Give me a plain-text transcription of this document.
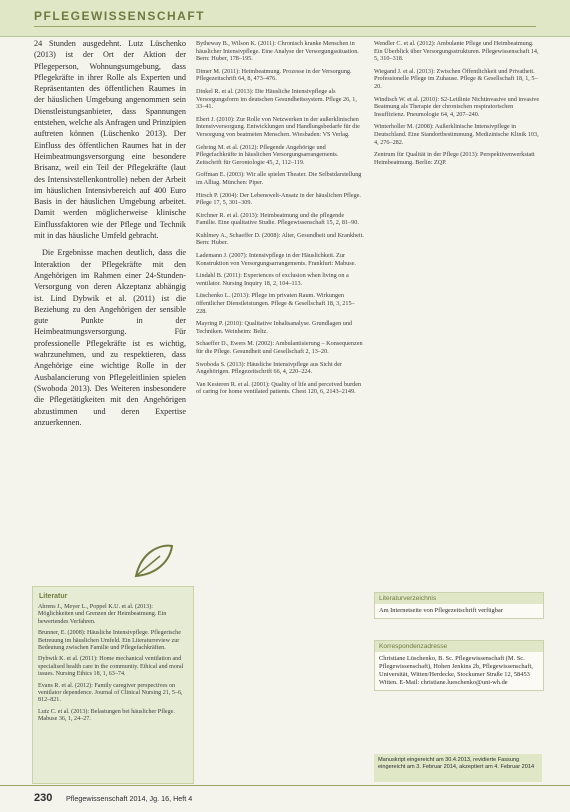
PFLEGEWISSENSCHAFT

24 Stunden ausgedehnt. Lutz Lüschenko (2013) ist der Ort der Aktion der Pflegeperson, Wohnungsumgebung, dass Pflegekräfte in ihrer Rolle als Experten und Repräsentanten des öffentlichen Raumes in der häuslichen Umgebung angenommen sein Dienstleistungsanbieter, dass Spannungen entstehen, welche als Anfragen und Prinzipien auftreten können (Lüschenko 2013). Der Einfluss des öffentlichen Raumes hat in der Heimbeatmungsversorgung eine besondere Brisanz, weil ein Teil der Pflegekräfte (laut des Intensivstellenkontrolle) neben der Arbeit im häuslichen Intensivbereich auf 400 Euro Basis in der häuslichen Umgebung arbeitet. Damit werden möglicherweise klinische Einflussfaktoren wie der Pflege und Technik mit in das häusliche Umfeld gebracht.

Die Ergebnisse machen deutlich, dass die Interaktion der Pflegekräfte mit den Angehörigen im Rahmen einer 24-Stunden-Versorgung von deren Akzeptanz abhängig ist. Lind Dybwik et al. (2011) ist die Beziehung zu den Angehörigen der sensible gute Punkte in der Heimbeatmungsversorgung. Für professionelle Pflegekräfte ist es wichtig, wahrzunehmen, und zu respektieren, dass Angehörige eine wichtige Rolle in der Ausbalancierung von Pflegeleitlinien spielen (Swoboda 2013). Des Weiteren insbesondere die Pflegetätigkeiten mit den Angehörigen abzustimmen und deren Expertise anzuerkennen.

Literatur
Ahrens J., Meyer L., Poppel K.U. et al. (2013): Möglichkeiten und Grenzen der Heimbeatmung. Ein bewertendes Verfahren.
Brunner, E. (2008): Häusliche Intensivpflege. Pflegerische Betreuung im häuslichen Umfeld. Ein Literaturreview zur Bedeutung zwischen Familie und Pflegefachkräften.
Dybwik K. et al. (2011): Home mechanical ventilation and specialised health care in the community. Ethical and moral issues. Nursing Ethics 18, 1, 63–74.
Evans R. et al. (2012): Family caregiver perspectives on ventilator dependence. Journal of Clinical Nursing 21, 5–6, 812–821.
Lutz C. et al. (2013): Belastungen bei häuslicher Pflege. Mabuse 36, 1, 24–27.
Bytheway B., Wilson K. (2011): Chronisch kranke Menschen in häuslicher Intensivpflege. Eine Analyse der Versorgungssituation. Bern: Huber, 178–195.
Dimer M. (2011): Heimbeatmung. Prozesse in der Versorgung. Pflegezeitschrift 64, 8, 473–476.
Dinkel R. et al. (2013): Die Häusliche Intensivpflege als Versorgungsform im deutschen Gesundheitssystem. Pflege 26, 1, 33–41.
Ebert J. (2010): Zur Rolle von Netzwerken in der außerklinischen Intensivversorgung. Entwicklungen und Handlungsbedarfe für die Versorgung von beatmeten Menschen. Wiesbaden: VS Verlag.
Gehring M. et al. (2012): Pflegende Angehörige und Pflegefachkräfte in häuslichen Versorgungsarrangements. Zeitschrift für Gerontologie 45, 2, 112–119.
Goffman E. (2003): Wir alle spielen Theater. Die Selbstdarstellung im Alltag. München: Piper.
Hirsch P. (2004): Der Lebenswelt-Ansatz in der häuslichen Pflege. Pflege 17, 5, 301–309.
Kirchner R. et al. (2013): Heimbeatmung und die pflegende Familie. Eine qualitative Studie. Pflegewissenschaft 15, 2, 81–90.
Kuhlmey A., Schaeffer D. (2008): Alter, Gesundheit und Krankheit. Bern: Huber.
Lademann J. (2007): Intensivpflege in der Häuslichkeit. Zur Konstruktion von Versorgungsarrangements. Frankfurt: Mabuse.
Lindahl B. (2011): Experiences of exclusion when living on a ventilator. Nursing Inquiry 18, 2, 104–113.
Lüschenko L. (2013): Pflege im privaten Raum. Wirkungen öffentlicher Dienstleistungen. Pflege & Gesellschaft 18, 3, 215–228.
Mayring P. (2010): Qualitative Inhaltsanalyse. Grundlagen und Techniken. Weinheim: Beltz.
Schaeffer D., Ewers M. (2002): Ambulantisierung – Konsequenzen für die Pflege. Gesundheit und Gesellschaft 2, 13–20.
Swoboda S. (2013): Häusliche Intensivpflege aus Sicht der Angehörigen. Pflegezeitschrift 66, 4, 220–224.
Van Kesteren R. et al. (2001): Quality of life and perceived burden of caring for home ventilated patients. Chest 120, 6, 2143–2149.
Wendler C. et al. (2012): Ambulante Pflege und Heimbeatmung. Ein Überblick über Versorgungsstrukturen. Pflegewissenschaft 14, 5, 310–318.
Wiegand J. et al. (2013): Zwischen Öffentlichkeit und Privatheit. Professionelle Pflege im Zuhause. Pflege & Gesellschaft 18, 1, 5–20.
Windisch W. et al. (2010): S2-Leitlinie Nichtinvasive und invasive Beatmung als Therapie der chronischen respiratorischen Insuffizienz. Pneumologie 64, 4, 207–240.
Winterholler M. (2008): Außerklinische Intensivpflege in Deutschland. Eine Standortbestimmung. Medizinische Klinik 103, 4, 276–282.
Zentrum für Qualität in der Pflege (2013): Perspektivenwerkstatt Heimbeatmung. Berlin: ZQP.
Literaturverzeichnis
Am Internetseite von Pflegezeitschrift verfügbar
Korrespondenzadresse
Christiane Lüschenko, B. Sc. Pflegewissenschaft (M. Sc. Pflegewissenschaft), Hohen Jenkins 2b, Pflegewissenschaft, Universität, Witten/Herdecke, Stockumer Straße 12, 58453 Witten. E-Mail: christiane.lueschenko@uni-wh.de
Manuskript eingereicht am 30.4.2013, revidierte Fassung eingereicht am 3. Februar 2014, akzeptiert am 4. Februar 2014
230 Pflegewissenschaft 2014, Jg. 16, Heft 4
